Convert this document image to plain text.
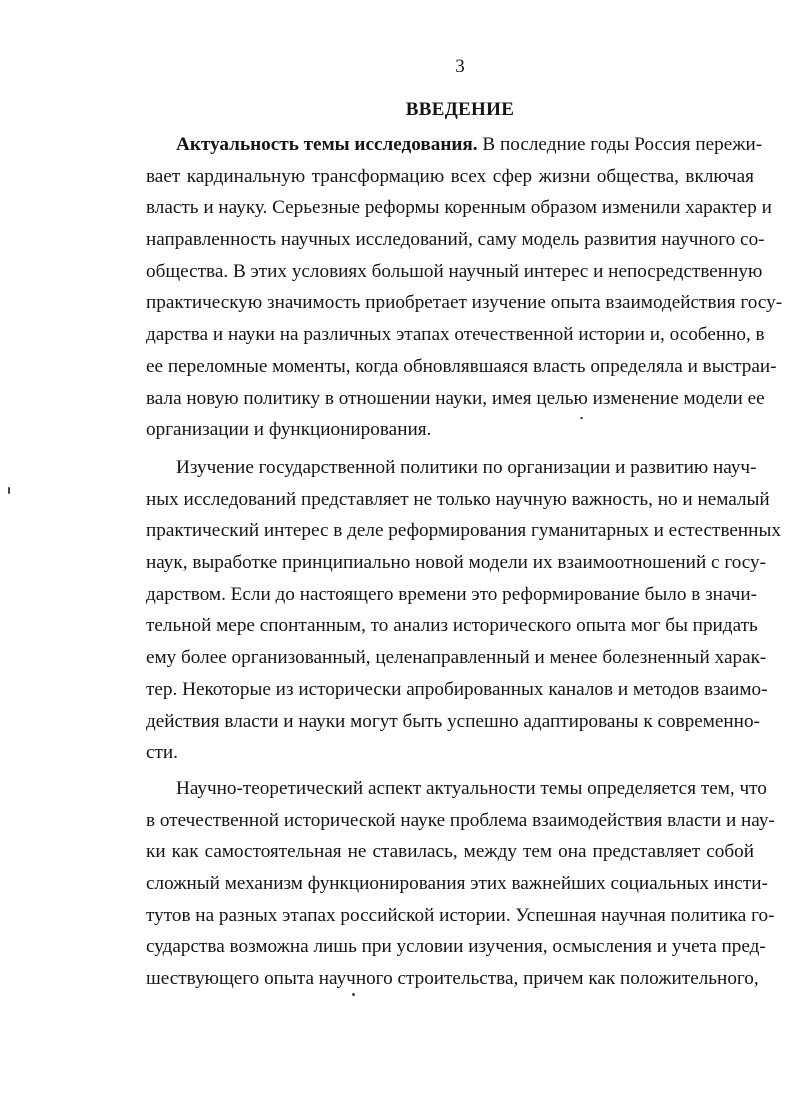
3
ВВЕДЕНИЕ
Актуальность темы исследования. В последние годы Россия пережи-
вает кардинальную трансформацию всех сфер жизни общества, включая
власть и науку. Серьезные реформы коренным образом изменили характер и
направленность научных исследований, саму модель развития научного со-
общества. В этих условиях большой научный интерес и непосредственную
практическую значимость приобретает изучение опыта взаимодействия госу-
дарства и науки на различных этапах отечественной истории и, особенно, в
ее переломные моменты, когда обновлявшаяся власть определяла и выстраи-
вала новую политику в отношении науки, имея целью изменение модели ее
организации и функционирования.
Изучение государственной политики по организации и развитию науч-
ных исследований представляет не только научную важность, но и немалый
практический интерес в деле реформирования гуманитарных и естественных
наук, выработке принципиально новой модели их взаимоотношений с госу-
дарством. Если до настоящего времени это реформирование было в значи-
тельной мере спонтанным, то анализ исторического опыта мог бы придать
ему более организованный, целенаправленный и менее болезненный харак-
тер. Некоторые из исторически апробированных каналов и методов взаимо-
действия власти и науки могут быть успешно адаптированы к современно-
сти.
Научно-теоретический аспект актуальности темы определяется тем, что
в отечественной исторической науке проблема взаимодействия власти и нау-
ки как самостоятельная не ставилась, между тем она представляет собой
сложный механизм функционирования этих важнейших социальных инсти-
тутов на разных этапах российской истории. Успешная научная политика го-
сударства возможна лишь при условии изучения, осмысления и учета пред-
шествующего опыта научного строительства, причем как положительного,
